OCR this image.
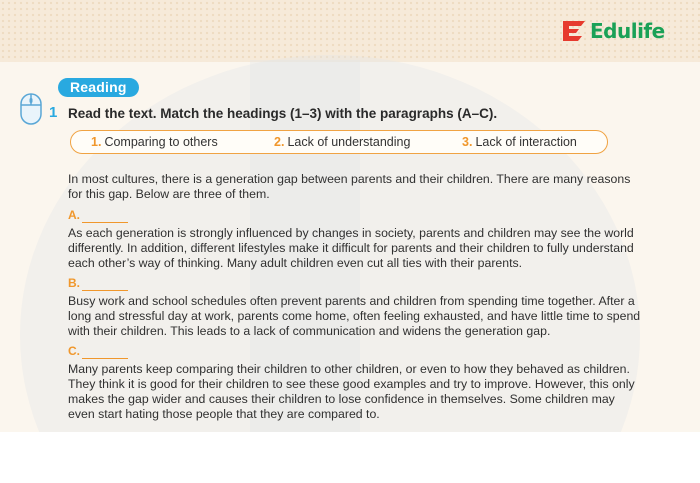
Edulife
Reading
1 Read the text. Match the headings (1–3) with the paragraphs (A–C).
1. Comparing to others	2. Lack of understanding	3. Lack of interaction

In most cultures, there is a generation gap between parents and their children. There are many reasons for this gap. Below are three of them.

A.

As each generation is strongly influenced by changes in society, parents and children may see the world differently. In addition, different lifestyles make it difficult for parents and their children to fully understand each other’s way of thinking. Many adult children even cut all ties with their parents.

B.

Busy work and school schedules often prevent parents and children from spending time together. After a long and stressful day at work, parents come home, often feeling exhausted, and have little time to spend with their children. This leads to a lack of communication and widens the generation gap.

C.

Many parents keep comparing their children to other children, or even to how they behaved as children. They think it is good for their children to see these good examples and try to improve. However, this only makes the gap wider and causes their children to lose confidence in themselves. Some children may even start hating those people that they are compared to.
